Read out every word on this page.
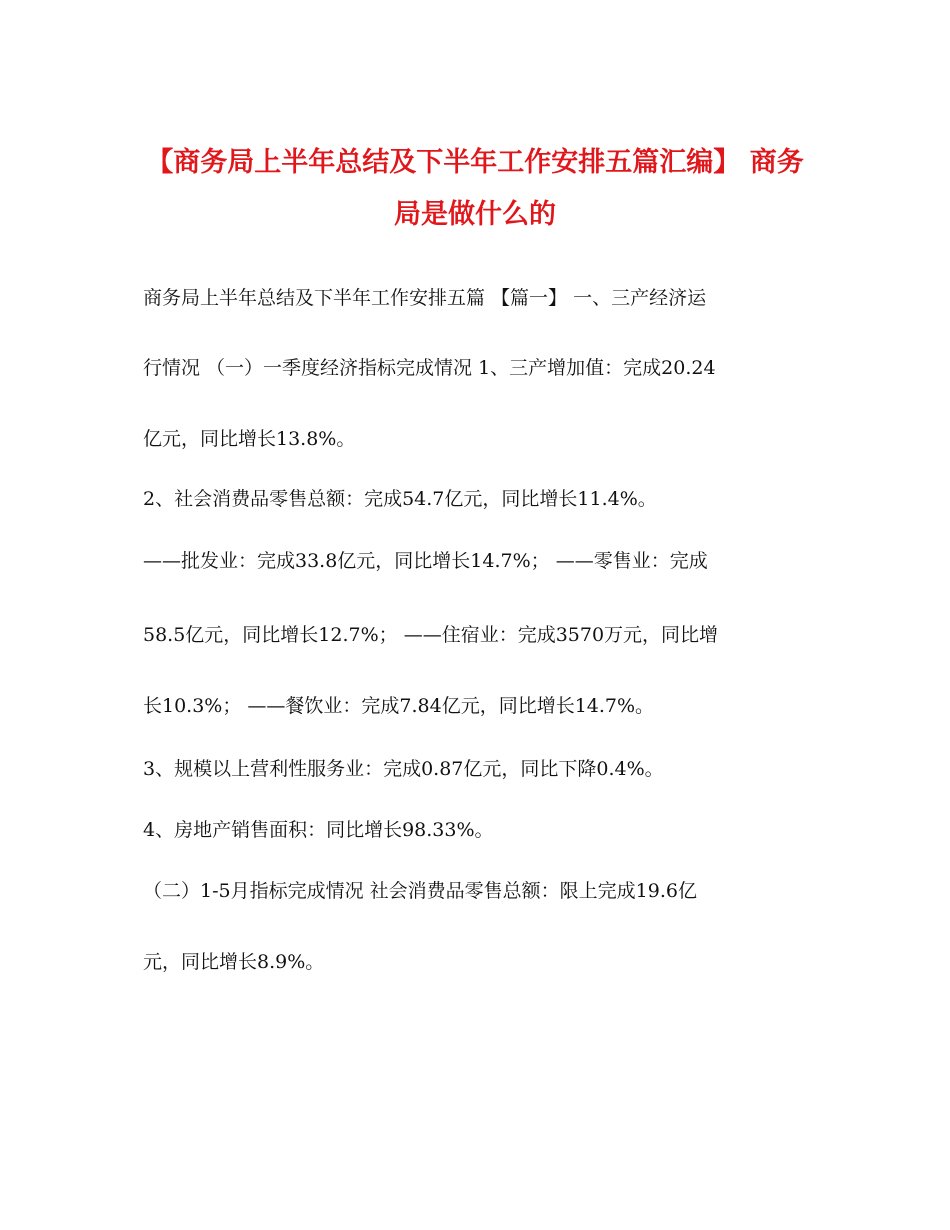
【商务局上半年总结及下半年工作安排五篇汇编】 商务局是做什么的
商务局上半年总结及下半年工作安排五篇 【篇一】 一、三产经济运
行情况 （一）一季度经济指标完成情况 1、三产增加值：完成20.24
亿元，同比增长13.8%。
2、社会消费品零售总额：完成54.7亿元，同比增长11.4%。
——批发业：完成33.8亿元，同比增长14.7%； ——零售业：完成
58.5亿元，同比增长12.7%； ——住宿业：完成3570万元，同比增
长10.3%； ——餐饮业：完成7.84亿元，同比增长14.7%。
3、规模以上营利性服务业：完成0.87亿元，同比下降0.4%。
4、房地产销售面积：同比增长98.33%。
（二）1-5月指标完成情况 社会消费品零售总额：限上完成19.6亿
元，同比增长8.9%。
